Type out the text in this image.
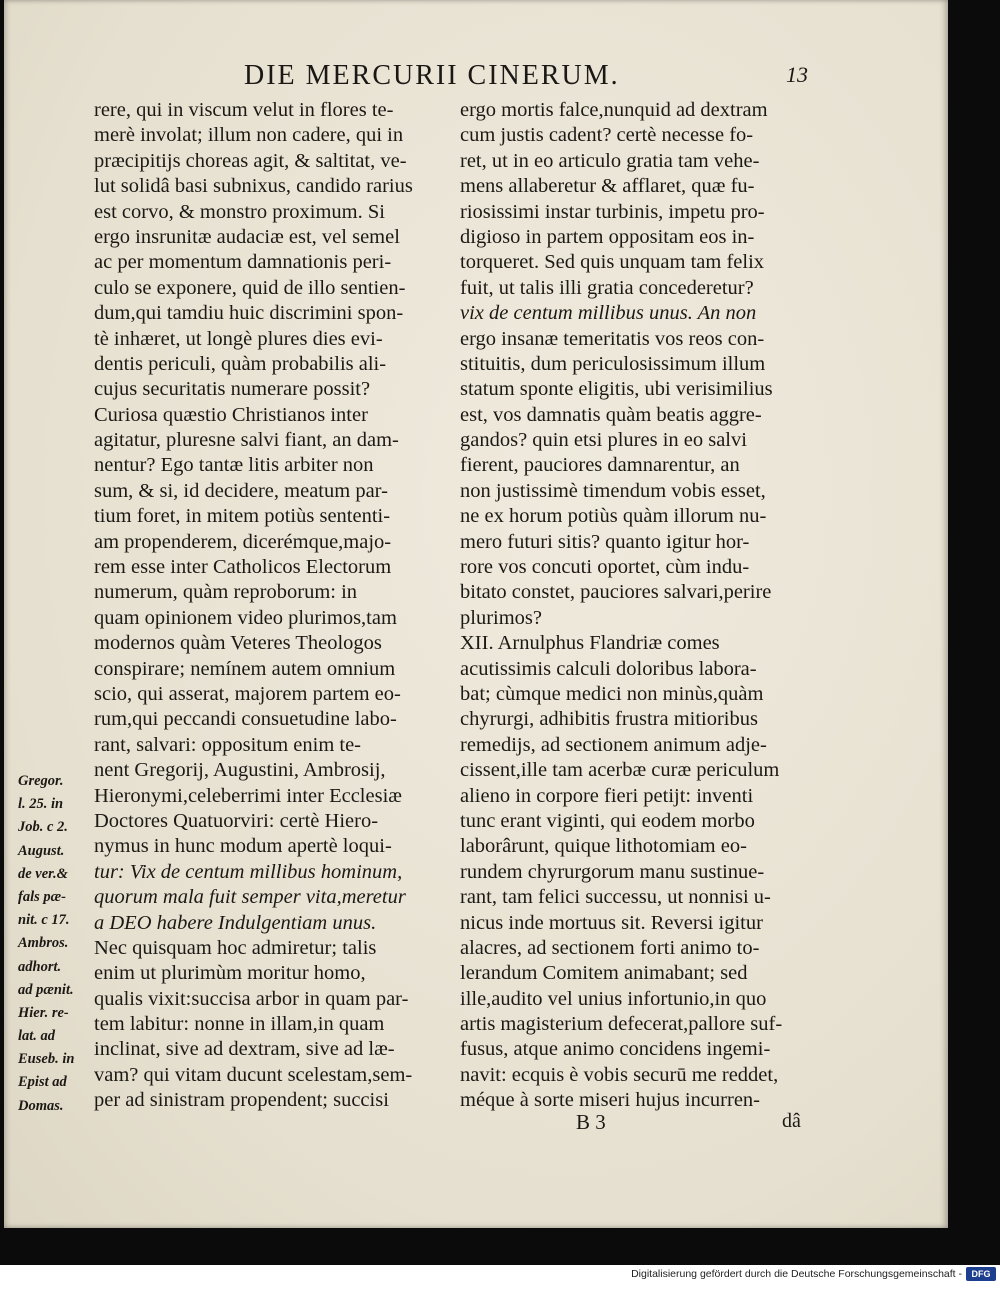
DIE MERCURII CINERUM.	13
rere, qui in viscum velut in flores te-
merè involat; illum non cadere, qui in
præcipitijs choreas agit, & saltitat, ve-
lut solidâ basi subnixus, candido rarius
est corvo, & monstro proximum. Si
ergo insrunitæ audaciæ est, vel semel
ac per momentum damnationis peri-
culo se exponere, quid de illo sentien-
dum,qui tamdiu huic discrimini spon-
tè inhæret, ut longè plures dies evi-
dentis periculi, quàm probabilis ali-
cujus securitatis numerare possit?
Curiosa quæstio Christianos inter
agitatur, pluresne salvi fiant, an dam-
nentur? Ego tantæ litis arbiter non
sum, & si, id decidere, meatum par-
tium foret, in mitem potiùs sententi-
am propenderem, dicerémque,majo-
rem esse inter Catholicos Electorum
numerum, quàm reproborum: in
quam opinionem video plurimos,tam
modernos quàm Veteres Theologos
conspirare; nemínem autem omnium
scio, qui asserat, majorem partem eo-
rum,qui peccandi consuetudine labo-
rant, salvari: oppositum enim te-
nent Gregorij, Augustini, Ambrosij,
Hieronymi,celeberrimi inter Ecclesiæ
Doctores Quatuorviri: certè Hiero-
nymus in hunc modum apertè loqui-
tur: Vix de centum millibus hominum,
quorum mala fuit semper vita,meretur
a DEO habere Indulgentiam unus.
Nec quisquam hoc admiretur; talis
enim ut plurimùm moritur homo,
qualis vixit:succisa arbor in quam par-
tem labitur: nonne in illam,in quam
inclinat, sive ad dextram, sive ad læ-
vam? qui vitam ducunt scelestam,sem-
per ad sinistram propendent; succisi
ergo mortis falce,nunquid ad dextram
cum justis cadent? certè necesse fo-
ret, ut in eo articulo gratia tam vehe-
mens allaberetur & afflaret, quæ fu-
riosissimi instar turbinis, impetu pro-
digioso in partem oppositam eos in-
torqueret. Sed quis unquam tam felix
fuit, ut talis illi gratia concederetur?
vix de centum millibus unus. An non
ergo insanæ temeritatis vos reos con-
stituitis, dum periculosissimum illum
statum sponte eligitis, ubi verisimilius
est, vos damnatis quàm beatis aggre-
gandos? quin etsi plures in eo salvi
fierent, pauciores damnarentur, an
non justissimè timendum vobis esset,
ne ex horum potiùs quàm illorum nu-
mero futuri sitis? quanto igitur hor-
rore vos concuti oportet, cùm indu-
bitato constet, pauciores salvari,perire
plurimos?
XII. Arnulphus Flandriæ comes
acutissimis calculi doloribus labora-
bat; cùmque medici non minùs,quàm
chyrurgi, adhibitis frustra mitioribus
remedijs, ad sectionem animum adje-
cissent,ille tam acerbæ curæ periculum
alieno in corpore fieri petijt: inventi
tunc erant viginti, qui eodem morbo
laborârunt, quique lithotomiam eo-
rundem chyrurgorum manu sustinue-
rant, tam felici successu, ut nonnisi u-
nicus inde mortuus sit. Reversi igitur
alacres, ad sectionem forti animo to-
lerandum Comitem animabant; sed
ille,audito vel unius infortunio,in quo
artis magisterium defecerat,pallore suf-
fusus, atque animo concidens ingemi-
navit: ecquis è vobis securū me reddet,
méque à sorte miseri hujus incurren-
Gregor.
l. 25. in
Job. c 2.
August.
de ver.&
fals pæ-
nit. c 17.
Ambros.
adhort.
ad pænit.
Hier. re-
lat. ad
Euseb. in
Epist ad
Domas.
B 3	dâ
Digitalisierung gefördert durch die Deutsche Forschungsgemeinschaft -	DFG
